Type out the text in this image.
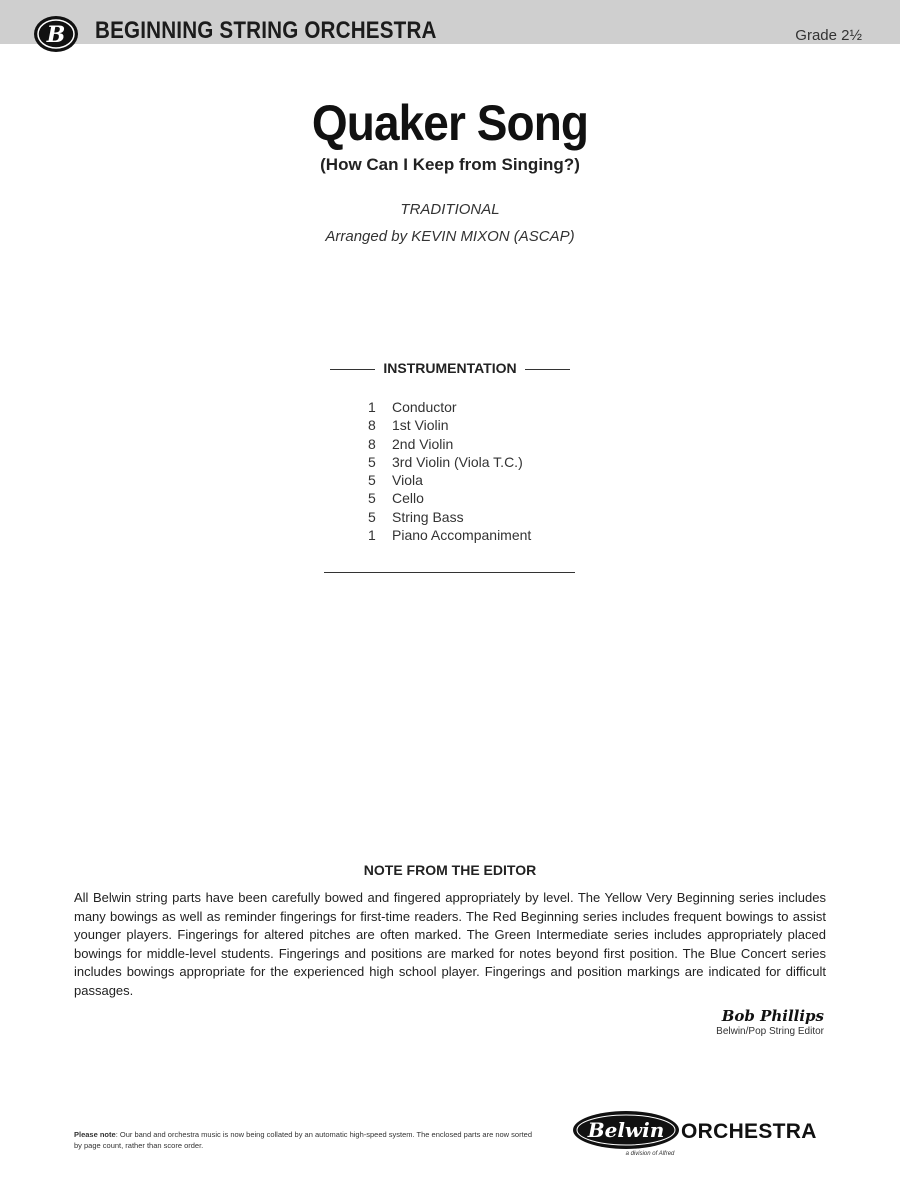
B BEGINNING STRING ORCHESTRA	Grade 2½
Quaker Song
(How Can I Keep from Singing?)
TRADITIONAL
Arranged by KEVIN MIXON (ASCAP)
INSTRUMENTATION
1 Conductor
8 1st Violin
8 2nd Violin
5 3rd Violin (Viola T.C.)
5 Viola
5 Cello
5 String Bass
1 Piano Accompaniment
NOTE FROM THE EDITOR
All Belwin string parts have been carefully bowed and fingered appropriately by level. The Yellow Very Beginning series includes many bowings as well as reminder fingerings for first-time readers. The Red Beginning series includes frequent bowings to assist younger players. Fingerings for altered pitches are often marked. The Green Intermediate series includes appropriately placed bowings for middle-level students. Fingerings and positions are marked for notes beyond first position. The Blue Concert series includes bowings appropriate for the experienced high school player. Fingerings and position markings are indicated for difficult passages.
Bob Phillips
Belwin/Pop String Editor
Please note: Our band and orchestra music is now being collated by an automatic high-speed system. The enclosed parts are now sorted by page count, rather than score order.
Belwin
a division of Alfred
ORCHESTRA
